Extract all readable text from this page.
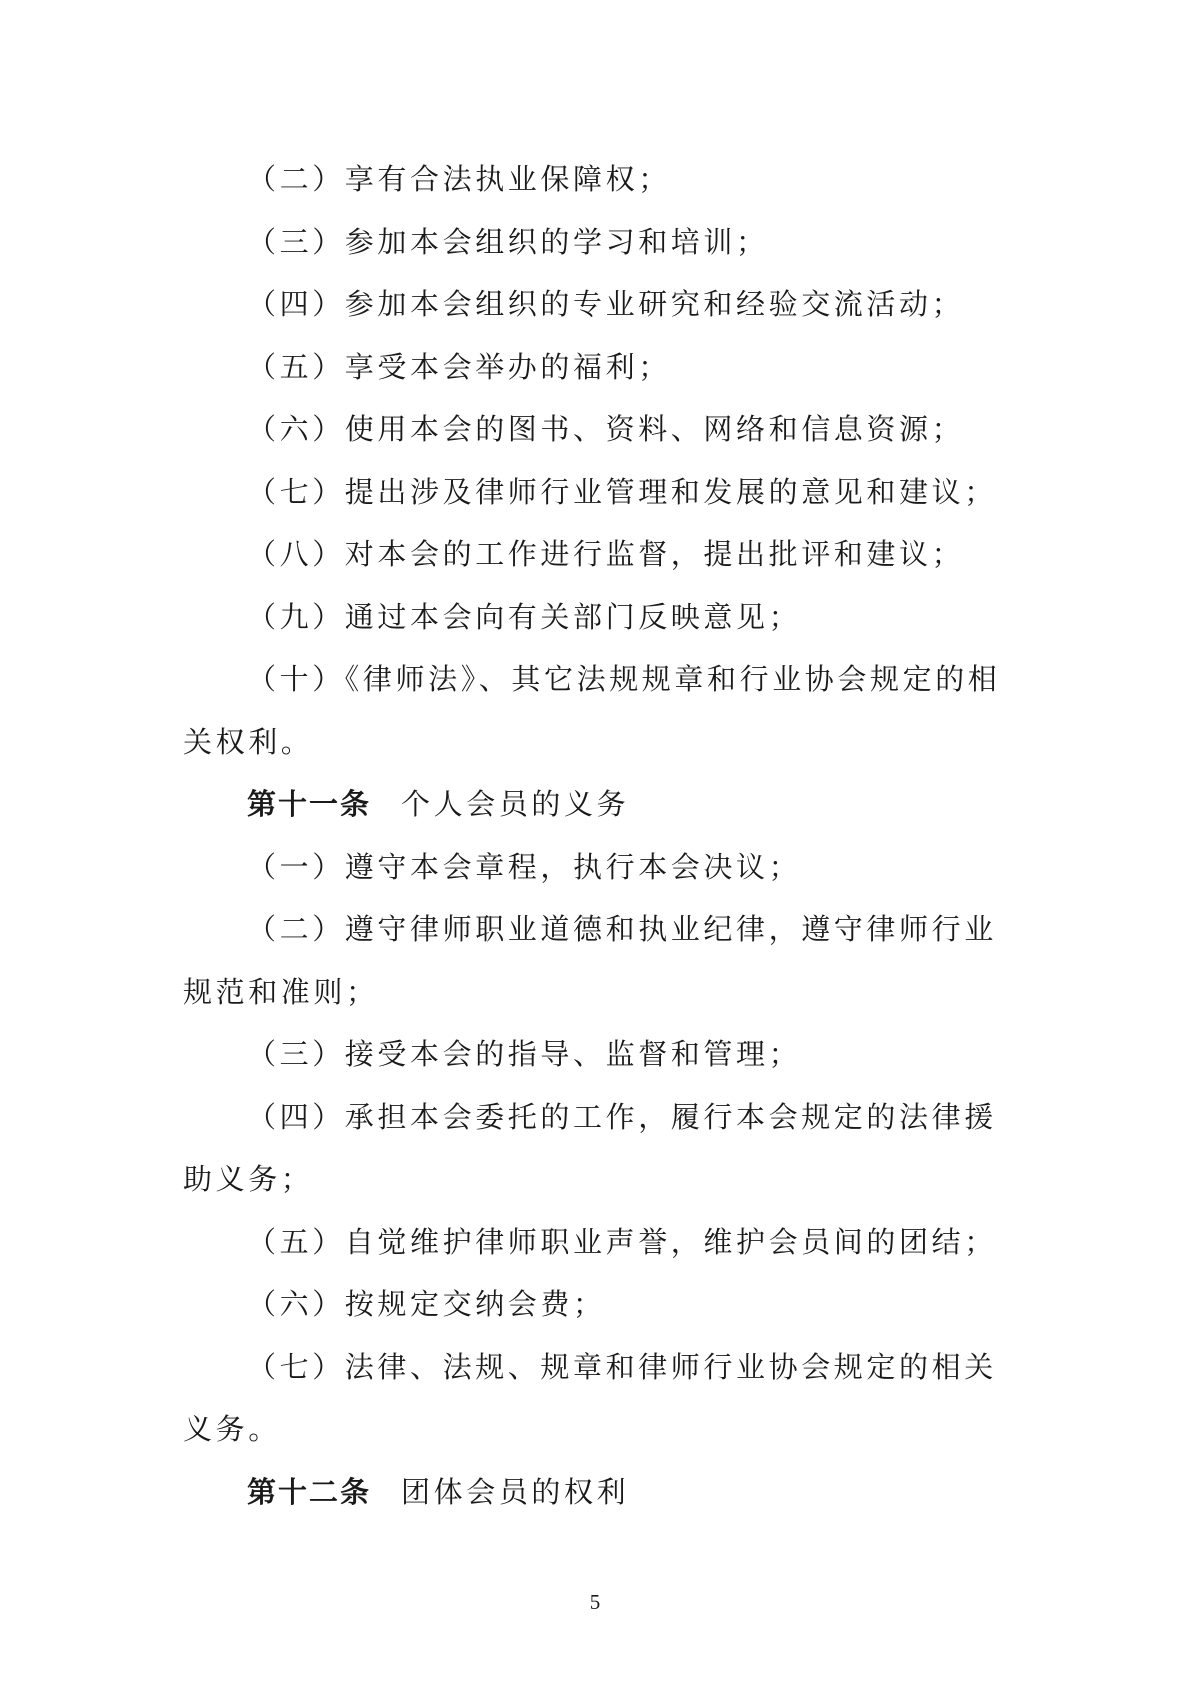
（二）享有合法执业保障权；

（三）参加本会组织的学习和培训；

（四）参加本会组织的专业研究和经验交流活动；

（五）享受本会举办的福利；

（六）使用本会的图书、资料、网络和信息资源；

（七）提出涉及律师行业管理和发展的意见和建议；

（八）对本会的工作进行监督，提出批评和建议；

（九）通过本会向有关部门反映意见；

（十）《律师法》、其它法规规章和行业协会规定的相关权利。

第十一条 个人会员的义务

（一）遵守本会章程，执行本会决议；

（二）遵守律师职业道德和执业纪律，遵守律师行业规范和准则；

（三）接受本会的指导、监督和管理；

（四）承担本会委托的工作，履行本会规定的法律援助义务；

（五）自觉维护律师职业声誉，维护会员间的团结；

（六）按规定交纳会费；

（七）法律、法规、规章和律师行业协会规定的相关义务。

第十二条 团体会员的权利

5
